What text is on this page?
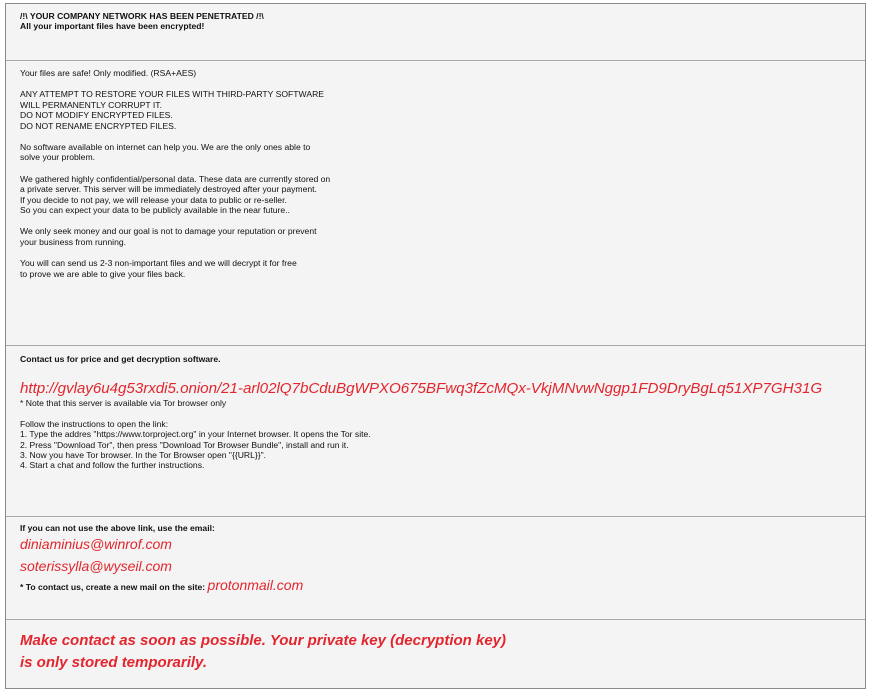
/!\ YOUR COMPANY NETWORK HAS BEEN PENETRATED /!\

All your important files have been encrypted!

Your files are safe! Only modified. (RSA+AES)

ANY ATTEMPT TO RESTORE YOUR FILES WITH THIRD-PARTY SOFTWARE

WILL PERMANENTLY CORRUPT IT.

DO NOT MODIFY ENCRYPTED FILES.

DO NOT RENAME ENCRYPTED FILES.

No software available on internet can help you. We are the only ones able to

solve your problem.

We gathered highly confidential/personal data. These data are currently stored on

a private server. This server will be immediately destroyed after your payment.

If you decide to not pay, we will release your data to public or re-seller.

So you can expect your data to be publicly available in the near future..

We only seek money and our goal is not to damage your reputation or prevent

your business from running.

You will can send us 2-3 non-important files and we will decrypt it for free

to prove we are able to give your files back.

Contact us for price and get decryption software.

http://gvlay6u4g53rxdi5.onion/21-arl02lQ7bCduBgWPXO675BFwq3fZcMQx-VkjMNvwNggp1FD9DryBgLq51XP7GH31G

* Note that this server is available via Tor browser only

Follow the instructions to open the link:

1. Type the addres "https://www.torproject.org" in your Internet browser. It opens the Tor site.

2. Press "Download Tor", then press "Download Tor Browser Bundle", install and run it.

3. Now you have Tor browser. In the Tor Browser open "{{URL}}".

4. Start a chat and follow the further instructions.

If you can not use the above link, use the email:

diniaminius@winrof.com

soterissylla@wyseil.com

* To contact us, create a new mail on the site: protonmail.com

Make contact as soon as possible. Your private key (decryption key)

is only stored temporarily.
